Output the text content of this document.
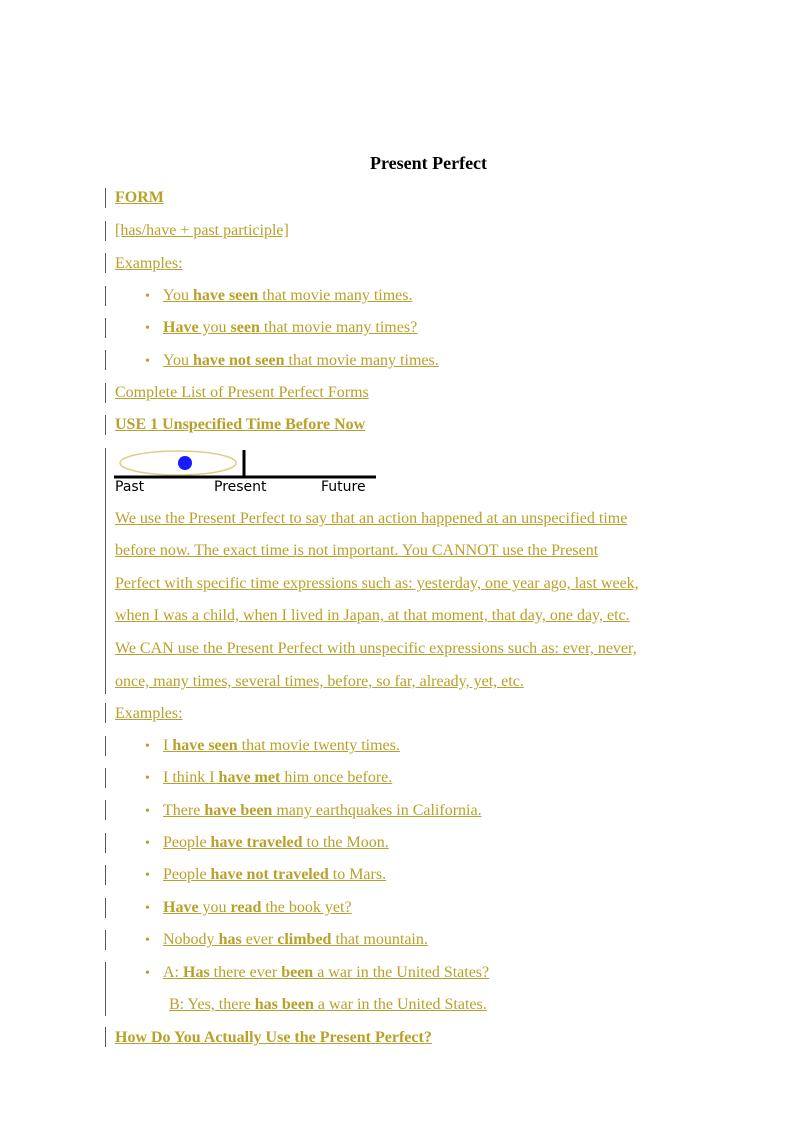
Present Perfect
FORM
[has/have + past participle]
Examples:
• You have seen that movie many times.
• Have you seen that movie many times?
• You have not seen that movie many times.
Complete List of Present Perfect Forms
USE 1 Unspecified Time Before Now
Past	Present	Future
We use the Present Perfect to say that an action happened at an unspecified time
before now. The exact time is not important. You CANNOT use the Present
Perfect with specific time expressions such as: yesterday, one year ago, last week,
when I was a child, when I lived in Japan, at that moment, that day, one day, etc.
We CAN use the Present Perfect with unspecific expressions such as: ever, never,
once, many times, several times, before, so far, already, yet, etc.
Examples:
• I have seen that movie twenty times.
• I think I have met him once before.
• There have been many earthquakes in California.
• People have traveled to the Moon.
• People have not traveled to Mars.
• Have you read the book yet?
• Nobody has ever climbed that mountain.
• A: Has there ever been a war in the United States?
B: Yes, there has been a war in the United States.
How Do You Actually Use the Present Perfect?
